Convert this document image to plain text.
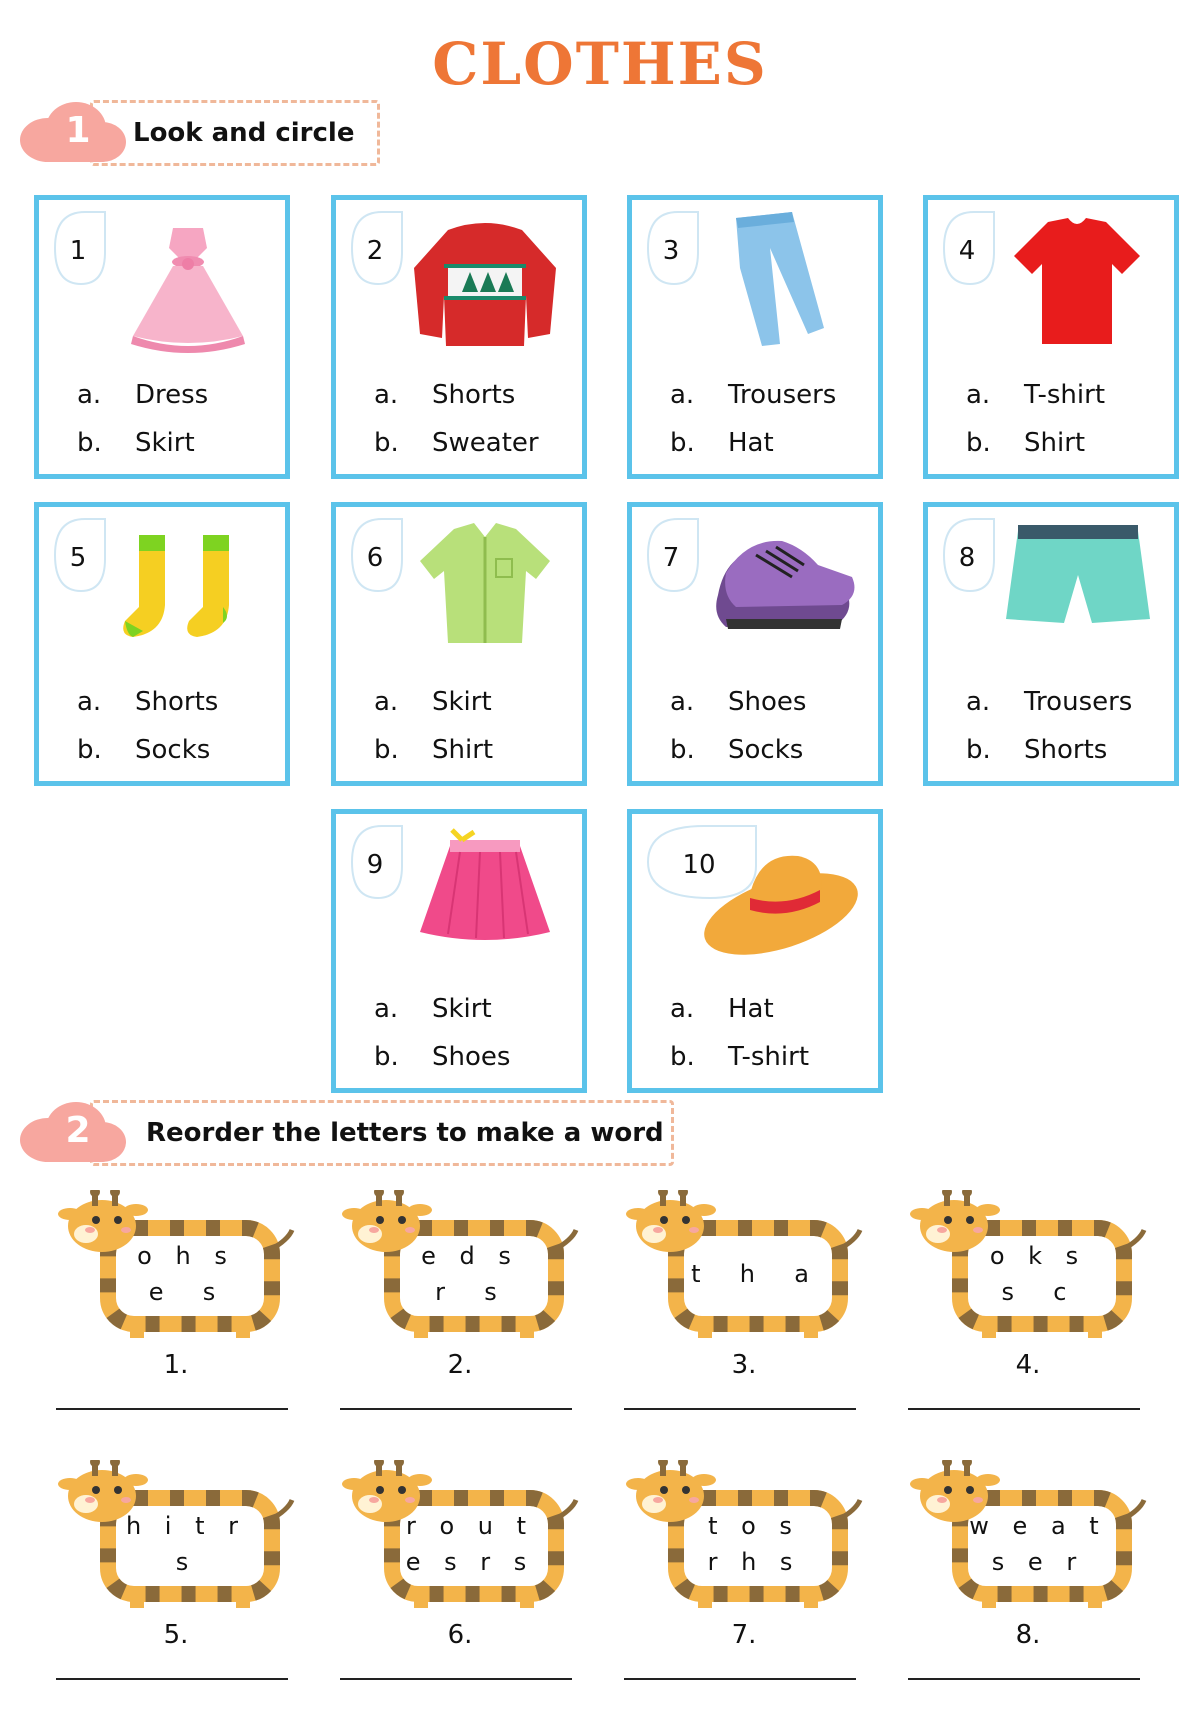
CLOTHES
1 Look and circle
1
a. Dress
b. Skirt
2
a. Shorts
b. Sweater
3
a. Trousers
b. Hat
4
a. T-shirt
b. Shirt
5
a. Shorts
b. Socks
6
a. Skirt
b. Shirt
7
a. Shoes
b. Socks
8
a. Trousers
b. Shorts
9
a. Skirt
b. Shoes
10
a. Hat
b. T-shirt
2 Reorder the letters to make a word
o h s
e  s
1.
e d s
r  s
2.
t  h  a
3.
o k s
s  c
4.
h i t r
s
5.
r o u t
e s r s
6.
t o s
r h s
7.
w e a t
s e r
8.
